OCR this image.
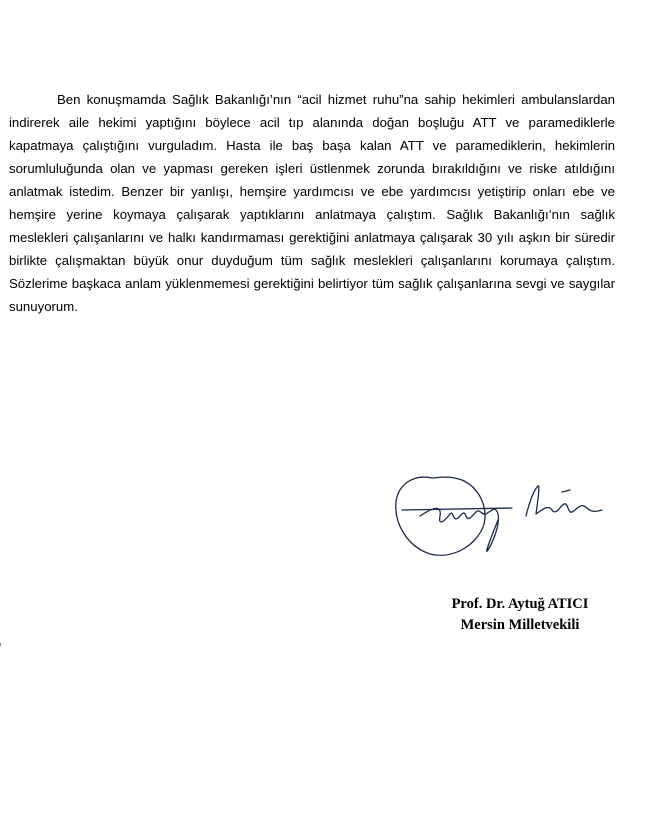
Ben konuşmamda Sağlık Bakanlığı’nın “acil hizmet ruhu”na sahip hekimleri ambulanslardan indirerek aile hekimi yaptığını böylece acil tıp alanında doğan boşluğu ATT ve paramediklerle kapatmaya çalıştığını vurguladım. Hasta ile baş başa kalan ATT ve paramediklerin, hekimlerin sorumluluğunda olan ve yapması gereken işleri üstlenmek zorunda bırakıldığını ve riske atıldığını anlatmak istedim. Benzer bir yanlışı, hemşire yardımcısı ve ebe yardımcısı yetiştirip onları ebe ve hemşire yerine koymaya çalışarak yaptıklarını anlatmaya çalıştım. Sağlık Bakanlığı’nın sağlık meslekleri çalışanlarını ve halkı kandırmaması gerektiğini anlatmaya çalışarak 30 yılı aşkın bir süredir birlikte çalışmaktan büyük onur duyduğum tüm sağlık meslekleri çalışanlarını korumaya çalıştım. Sözlerime başkaca anlam yüklenmemesi gerektiğini belirtiyor tüm sağlık çalışanlarına sevgi ve saygılar sunuyorum.

Prof. Dr. Aytuğ ATICI
Mersin Milletvekili
